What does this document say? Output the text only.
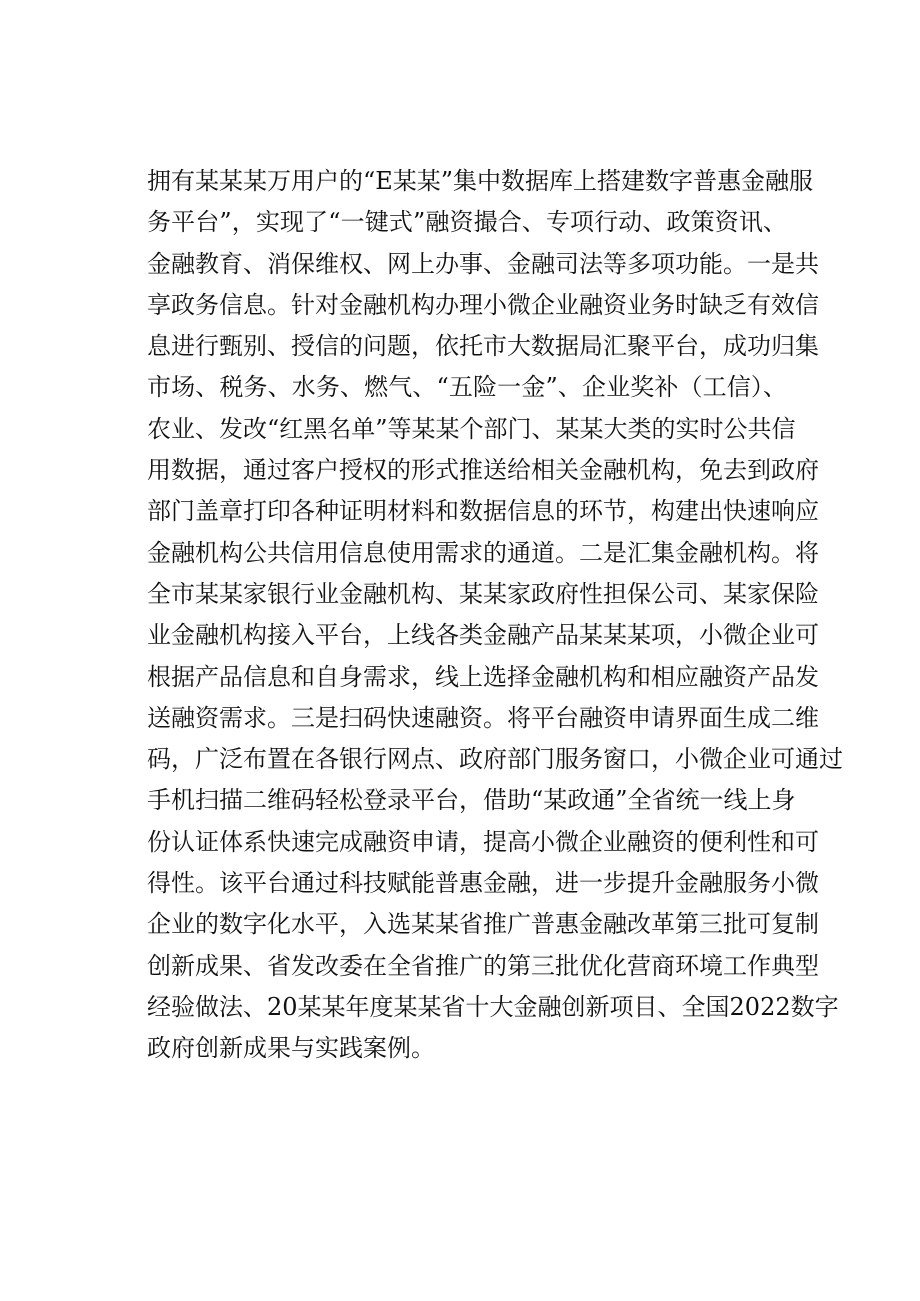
拥有某某某万用户的“E某某”集中数据库上搭建数字普惠金融服
务平台”，实现了“一键式”融资撮合、专项行动、政策资讯、
金融教育、消保维权、网上办事、金融司法等多项功能。一是共
享政务信息。针对金融机构办理小微企业融资业务时缺乏有效信
息进行甄别、授信的问题，依托市大数据局汇聚平台，成功归集
市场、税务、水务、燃气、“五险一金”、企业奖补（工信）、
农业、发改“红黑名单”等某某个部门、某某大类的实时公共信
用数据，通过客户授权的形式推送给相关金融机构，免去到政府
部门盖章打印各种证明材料和数据信息的环节，构建出快速响应
金融机构公共信用信息使用需求的通道。二是汇集金融机构。将
全市某某家银行业金融机构、某某家政府性担保公司、某家保险
业金融机构接入平台，上线各类金融产品某某某项，小微企业可
根据产品信息和自身需求，线上选择金融机构和相应融资产品发
送融资需求。三是扫码快速融资。将平台融资申请界面生成二维
码，广泛布置在各银行网点、政府部门服务窗口，小微企业可通过
手机扫描二维码轻松登录平台，借助“某政通”全省统一线上身
份认证体系快速完成融资申请，提高小微企业融资的便利性和可
得性。该平台通过科技赋能普惠金融，进一步提升金融服务小微
企业的数字化水平，入选某某省推广普惠金融改革第三批可复制
创新成果、省发改委在全省推广的第三批优化营商环境工作典型
经验做法、20某某年度某某省十大金融创新项目、全国2022数字
政府创新成果与实践案例。
